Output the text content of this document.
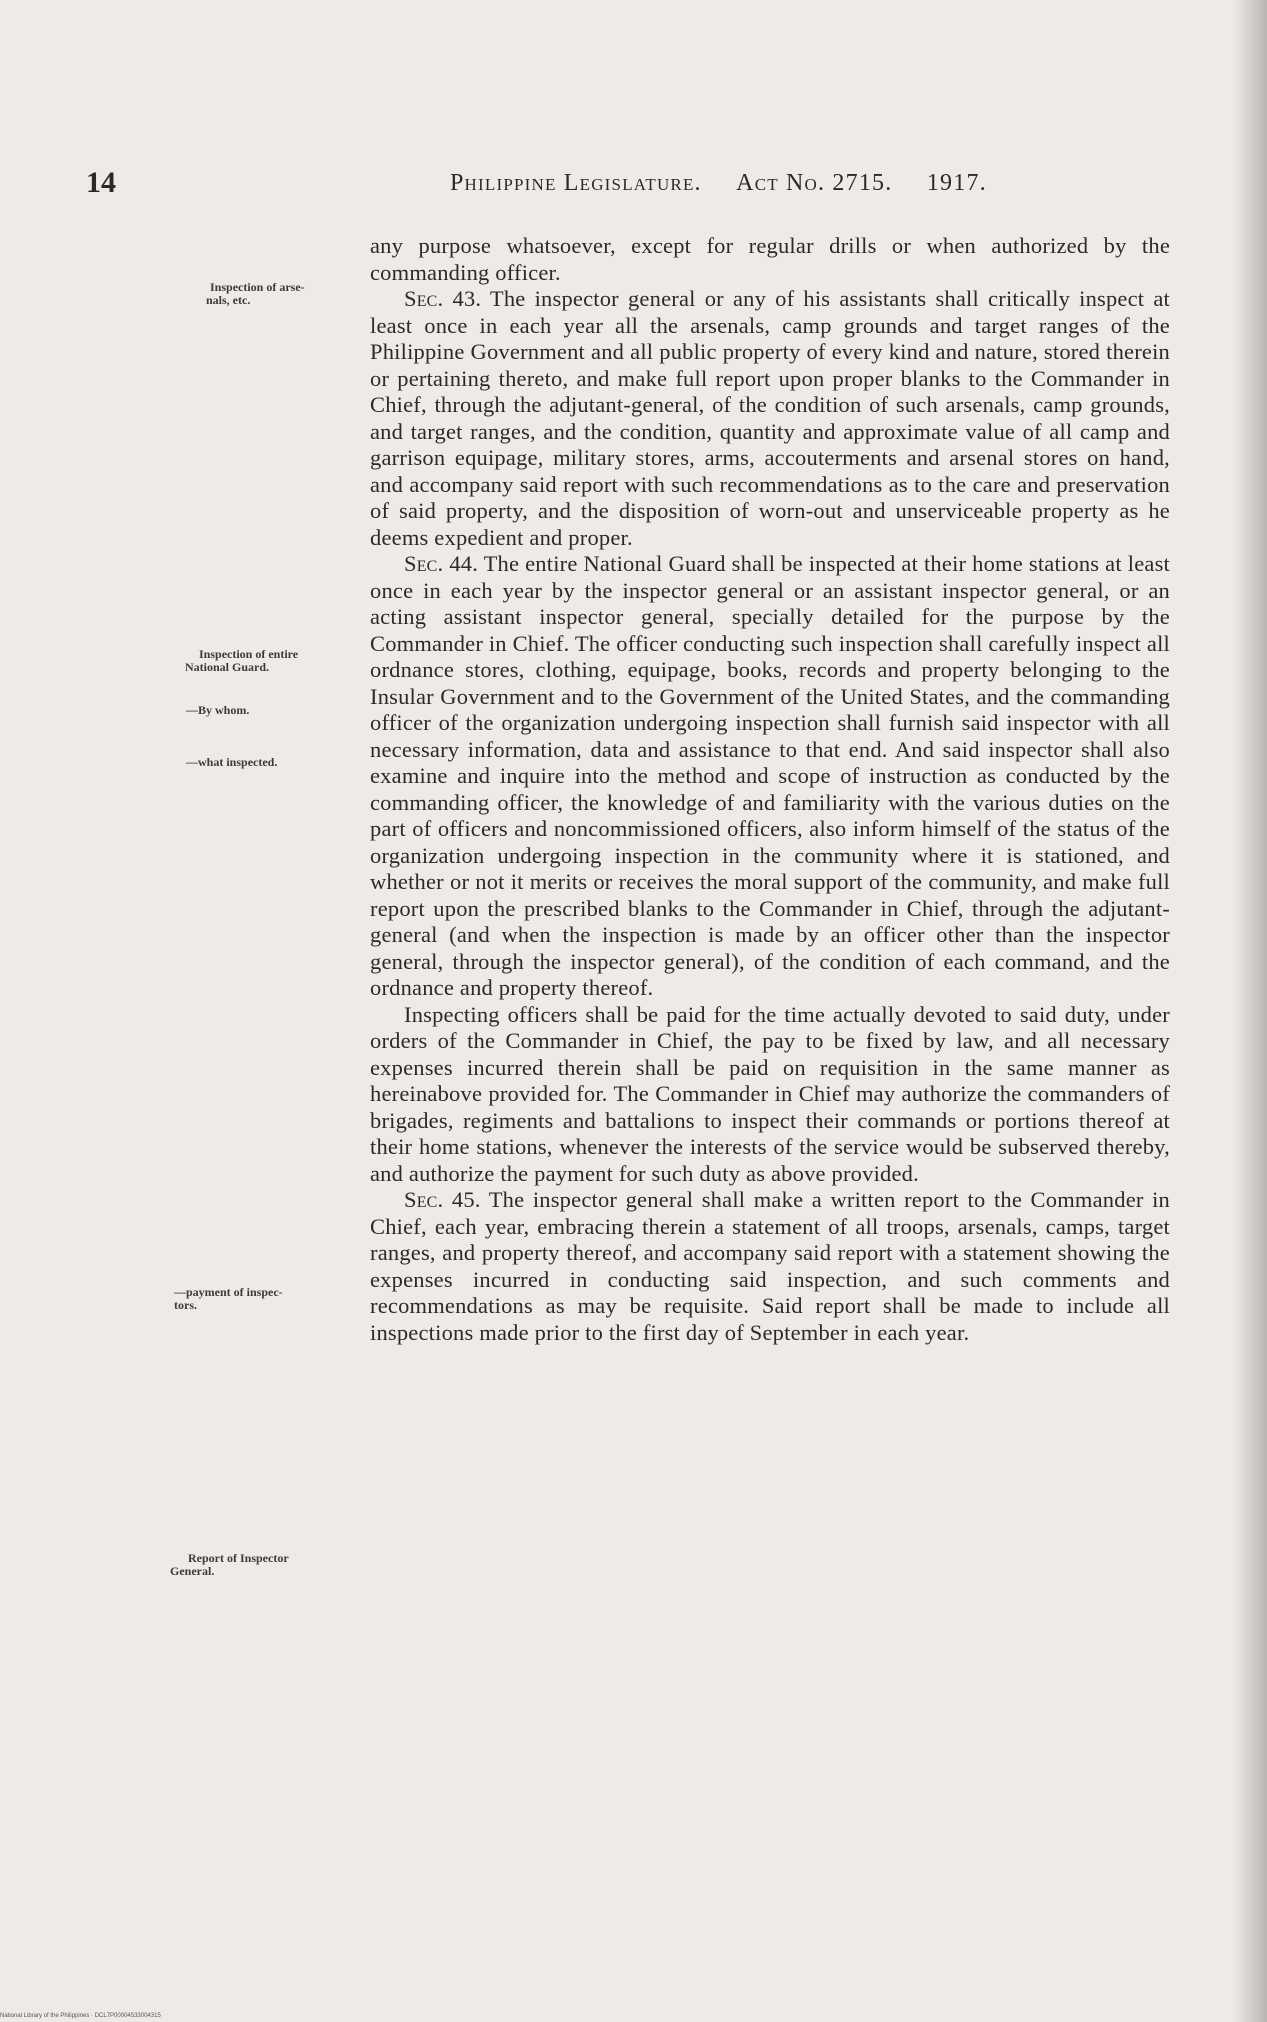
14	Philippine Legislature. Act No. 2715. 1917.
Inspection of arse-
nals, etc.
Inspection of entire
National Guard.
—By whom.
—what inspected.
—payment of inspec-
tors.
Report of Inspector
General.

any purpose whatsoever, except for regular drills or when authorized by the commanding officer.

Sec. 43. The inspector general or any of his assistants shall critically inspect at least once in each year all the arsenals, camp grounds and target ranges of the Philippine Government and all public property of every kind and nature, stored therein or pertaining thereto, and make full report upon proper blanks to the Commander in Chief, through the adjutant-general, of the condition of such arsenals, camp grounds, and target ranges, and the condition, quantity and approximate value of all camp and garrison equipage, military stores, arms, accouterments and arsenal stores on hand, and accompany said report with such recommendations as to the care and preservation of said property, and the disposition of worn-out and unserviceable property as he deems expedient and proper.

Sec. 44. The entire National Guard shall be inspected at their home stations at least once in each year by the inspector general or an assistant inspector general, or an acting assistant inspector general, specially detailed for the purpose by the Commander in Chief. The officer conducting such inspection shall carefully inspect all ordnance stores, clothing, equipage, books, records and property belonging to the Insular Government and to the Government of the United States, and the commanding officer of the organization undergoing inspection shall furnish said inspector with all necessary information, data and assistance to that end. And said inspector shall also examine and inquire into the method and scope of instruction as conducted by the commanding officer, the knowledge of and familiarity with the various duties on the part of officers and noncommissioned officers, also inform himself of the status of the organization undergoing inspection in the community where it is stationed, and whether or not it merits or receives the moral support of the community, and make full report upon the prescribed blanks to the Commander in Chief, through the adjutant-general (and when the inspection is made by an officer other than the inspector general, through the inspector general), of the condition of each command, and the ordnance and property thereof.

Inspecting officers shall be paid for the time actually devoted to said duty, under orders of the Commander in Chief, the pay to be fixed by law, and all necessary expenses incurred therein shall be paid on requisition in the same manner as hereinabove provided for. The Commander in Chief may authorize the commanders of brigades, regiments and battalions to inspect their commands or portions thereof at their home stations, whenever the interests of the service would be subserved thereby, and authorize the payment for such duty as above provided.

Sec. 45. The inspector general shall make a written report to the Commander in Chief, each year, embracing therein a statement of all troops, arsenals, camps, target ranges, and property thereof, and accompany said report with a statement showing the expenses incurred in conducting said inspection, and such comments and recommendations as may be requisite. Said report shall be made to include all inspections made prior to the first day of September in each year.

National Library of the Philippines · DCL7P00004533004315
